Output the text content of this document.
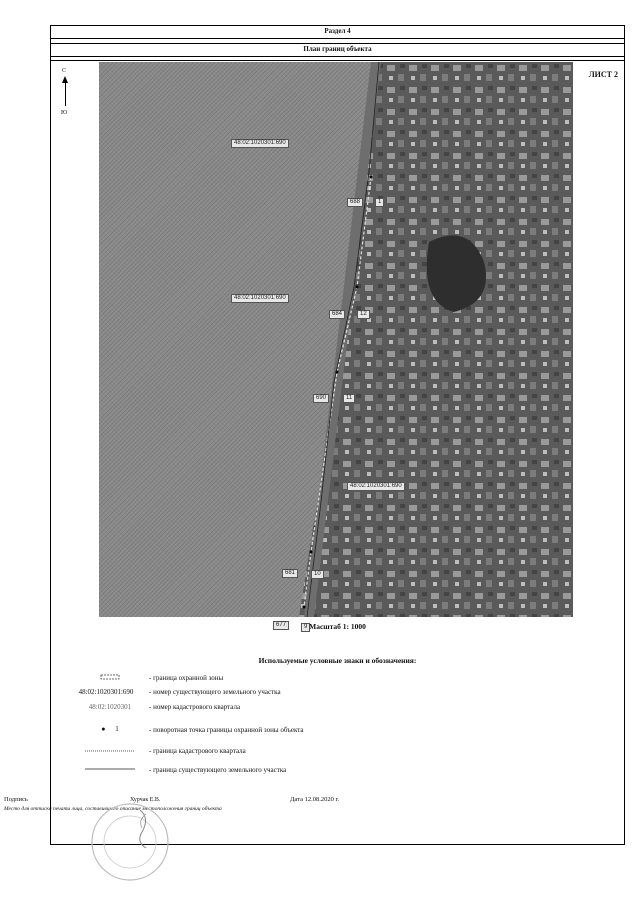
Раздел 4
План границ объекта
С
Ю
ЛИСТ 2
48:02:1020301:690
48:02:1020301:690
48:02:1020301:690
688	1
684	12
690	11
681	10
677	9 Масштаб 1: 1000
Используемые условные знаки и обозначения:
- граница охранной зоны
48:02:1020301:690	- номер существующего земельного участка
48:02:1020301	- номер кадастрового квартала
● 1	- поворотная точка границы охранной зоны объекта
- граница кадастрового квартала
- граница существующего земельного участка
Подпись	Хурчак Е.В.	Дата 12.08.2020 г.
Место для оттиска печати лица, составившего описание местоположения границ объекта
